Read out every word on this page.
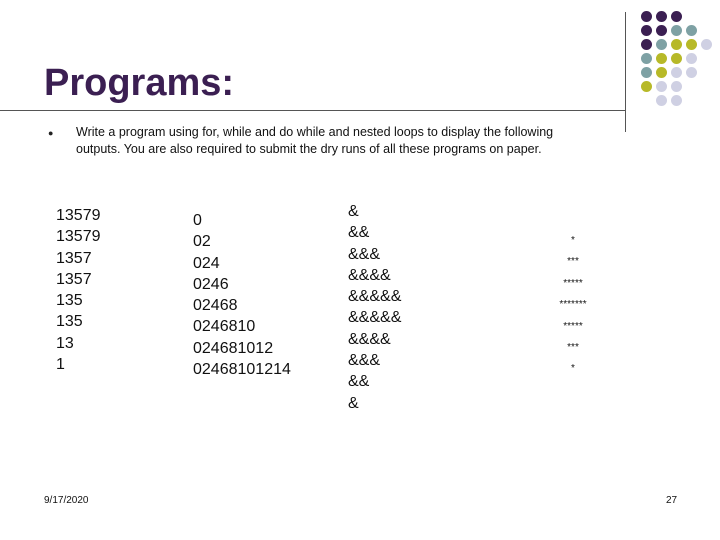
Programs:
● Write a program using for, while and do while and nested loops to display the following outputs. You are also required to submit the dry runs of all these programs on paper.
13579
13579
1357
1357
135
135
13
1
0
02
024
0246
02468
0246810
024681012
02468101214
&
&&
&&&
&&&&
&&&&&
&&&&&
&&&&
&&&
&&
&
*
***
*****
*******
*****
***
*
9/17/2020	27
